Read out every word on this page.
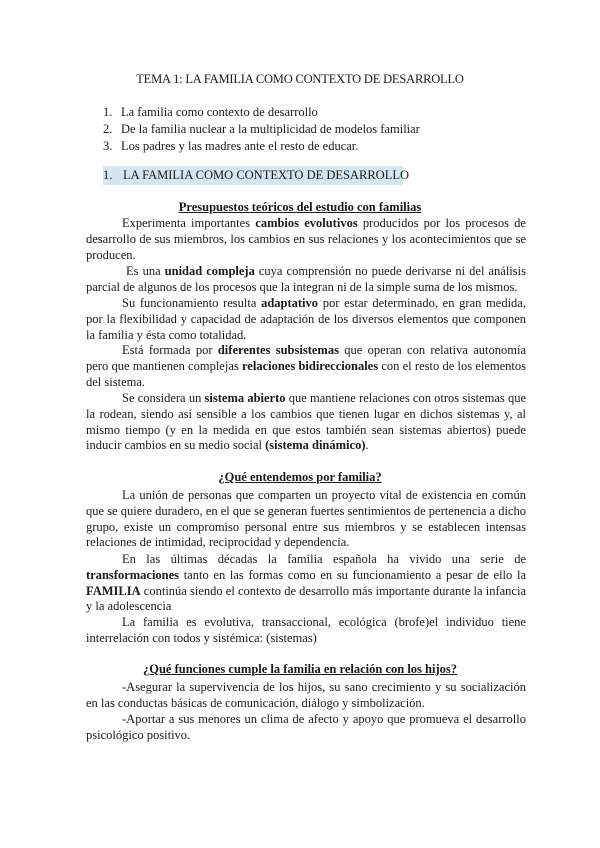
TEMA 1: LA FAMILIA COMO CONTEXTO DE DESARROLLO
1. La familia como contexto de desarrollo
2. De la familia nuclear a la multiplicidad de modelos familiar
3. Los padres y las madres ante el resto de educar.
1. LA FAMILIA COMO CONTEXTO DE DESARROLLO
Presupuestos teóricos del estudio con familias

Experimenta importantes cambios evolutivos producidos por los procesos de desarrollo de sus miembros, los cambios en sus relaciones y los acontecimientos que se producen.

Es una unidad compleja cuya comprensión no puede derivarse ni del análisis parcial de algunos de los procesos que la integran ni de la simple suma de los mismos.

Su funcionamiento resulta adaptativo por estar determinado, en gran medida, por la flexibilidad y capacidad de adaptación de los diversos elementos que componen la familia y ésta como totalidad.

Está formada por diferentes subsistemas que operan con relativa autonomía pero que mantienen complejas relaciones bidireccionales con el resto de los elementos del sistema.

Se considera un sistema abierto que mantiene relaciones con otros sistemas que la rodean, siendo así sensible a los cambios que tienen lugar en dichos sistemas y, al mismo tiempo (y en la medida en que estos también sean sistemas abiertos) puede inducir cambios en su medio social (sistema dinámico).

¿Qué entendemos por familia?

La unión de personas que comparten un proyecto vital de existencia en común que se quiere duradero, en el que se generan fuertes sentimientos de pertenencia a dicho grupo, existe un compromiso personal entre sus miembros y se establecen intensas relaciones de intimidad, reciprocidad y dependencia.

En las últimas décadas la familia española ha vivido una serie de transformaciones tanto en las formas como en su funcionamiento a pesar de ello la FAMILIA continúa siendo el contexto de desarrollo más importante durante la infancia y la adolescencia

La familia es evolutiva, transaccional, ecológica (brofe)el individuo tiene interrelación con todos y sistémica: (sistemas)

¿Qué funciones cumple la familia en relación con los hijos?

-Asegurar la supervivencia de los hijos, su sano crecimiento y su socialización en las conductas básicas de comunicación, diálogo y simbolización.

-Aportar a sus menores un clima de afecto y apoyo que promueva el desarrollo psicológico positivo.
